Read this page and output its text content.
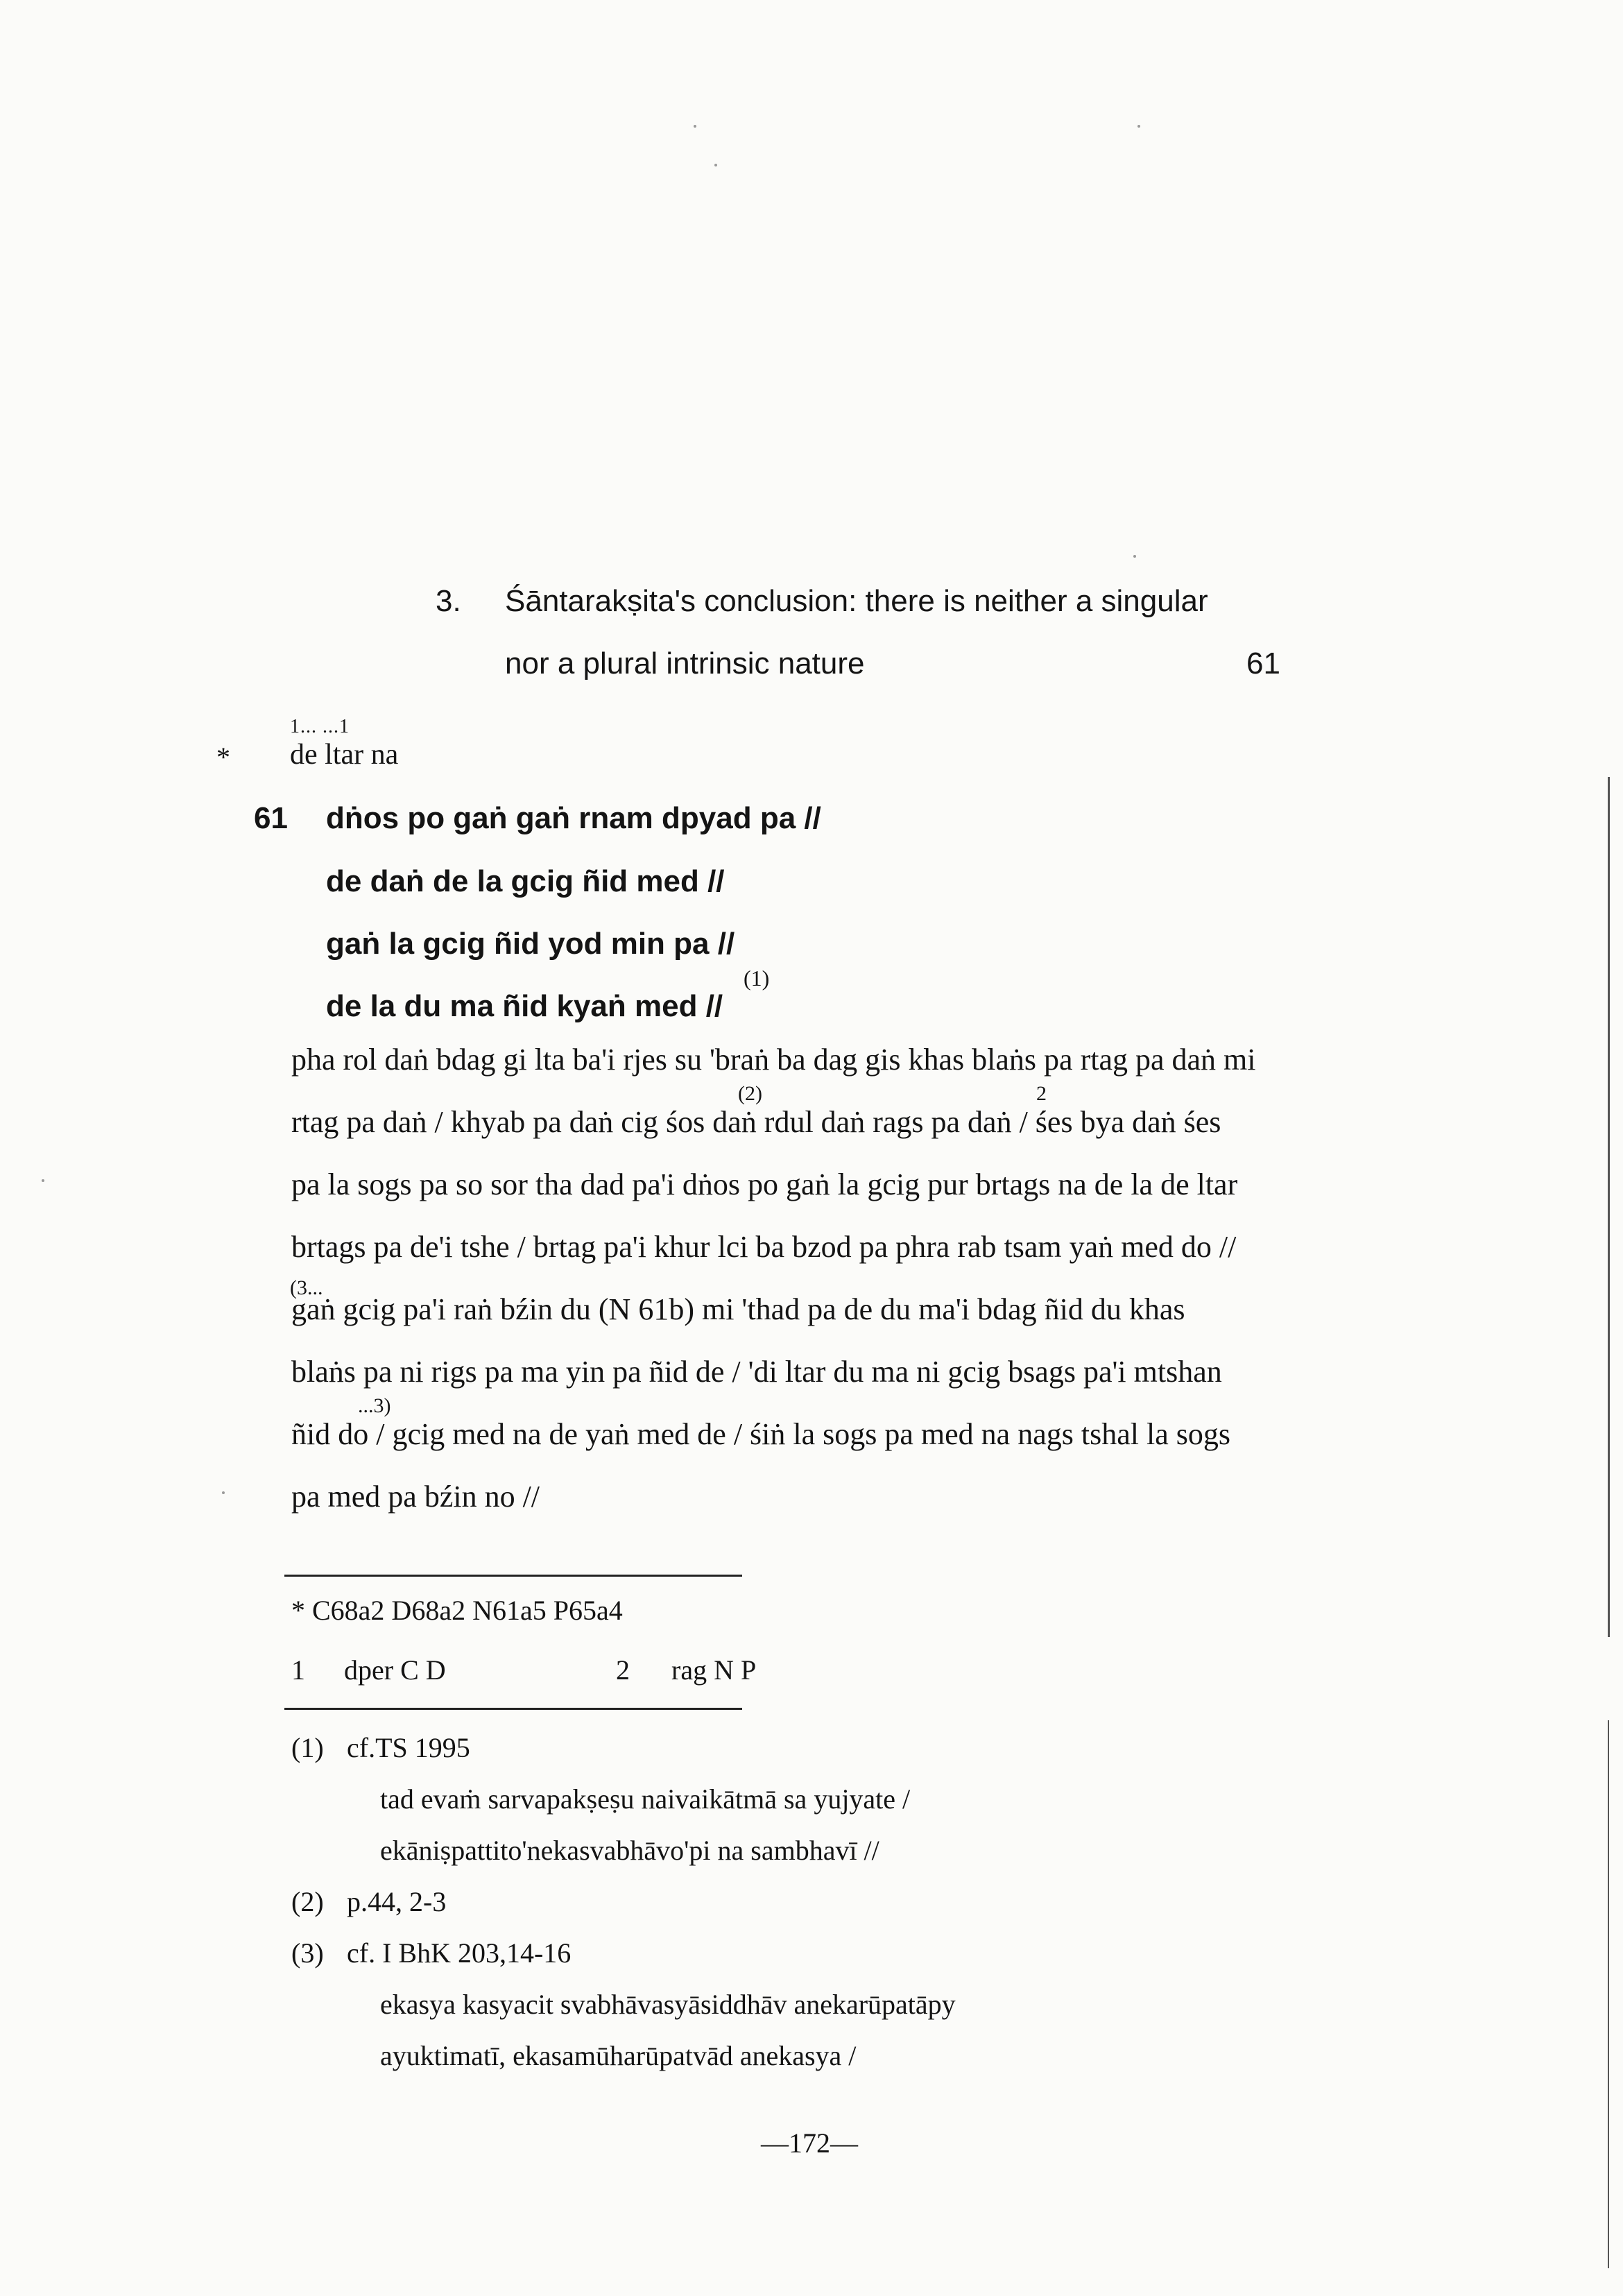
3. Śāntarakṣita's conclusion: there is neither a singular
nor a plural intrinsic nature	61
*
1... ...1
de ltar na
61 dṅos po gaṅ gaṅ rnam dpyad pa //
de daṅ de la gcig ñid med //
gaṅ la gcig ñid yod min pa //
de la du ma ñid kyaṅ med //
(1)
pha rol daṅ bdag gi lta ba'i rjes su 'braṅ ba dag gis khas blaṅs pa rtag pa daṅ mi
rtag pa daṅ / khyab pa daṅ cig śos daṅ rdul daṅ rags pa daṅ / śes bya daṅ śes
pa la sogs pa so sor tha dad pa'i dṅos po gaṅ la gcig pur brtags na de la de ltar
brtags pa de'i tshe / brtag pa'i khur lci ba bzod pa phra rab tsam yaṅ med do //
gaṅ gcig pa'i raṅ bźin du (N 61b) mi 'thad pa de du ma'i bdag ñid du khas
blaṅs pa ni rigs pa ma yin pa ñid de / 'di ltar du ma ni gcig bsags pa'i mtshan
ñid do / gcig med na de yaṅ med de / śiṅ la sogs pa med na nags tshal la sogs
pa med pa bźin no //
(2)	2
(3...
...3)
* C68a2 D68a2 N61a5 P65a4
1 dper C D	2 rag N P
(1) cf.TS 1995
tad evaṁ sarvapakṣeṣu naivaikātmā sa yujyate /
ekāniṣpattito'nekasvabhāvo'pi na sambhavī //
(2) p.44, 2-3
(3) cf. I BhK 203,14-16
ekasya kasyacit svabhāvasyāsiddhāv anekarūpatāpy
ayuktimatī, ekasamūharūpatvād anekasya /
—172—
